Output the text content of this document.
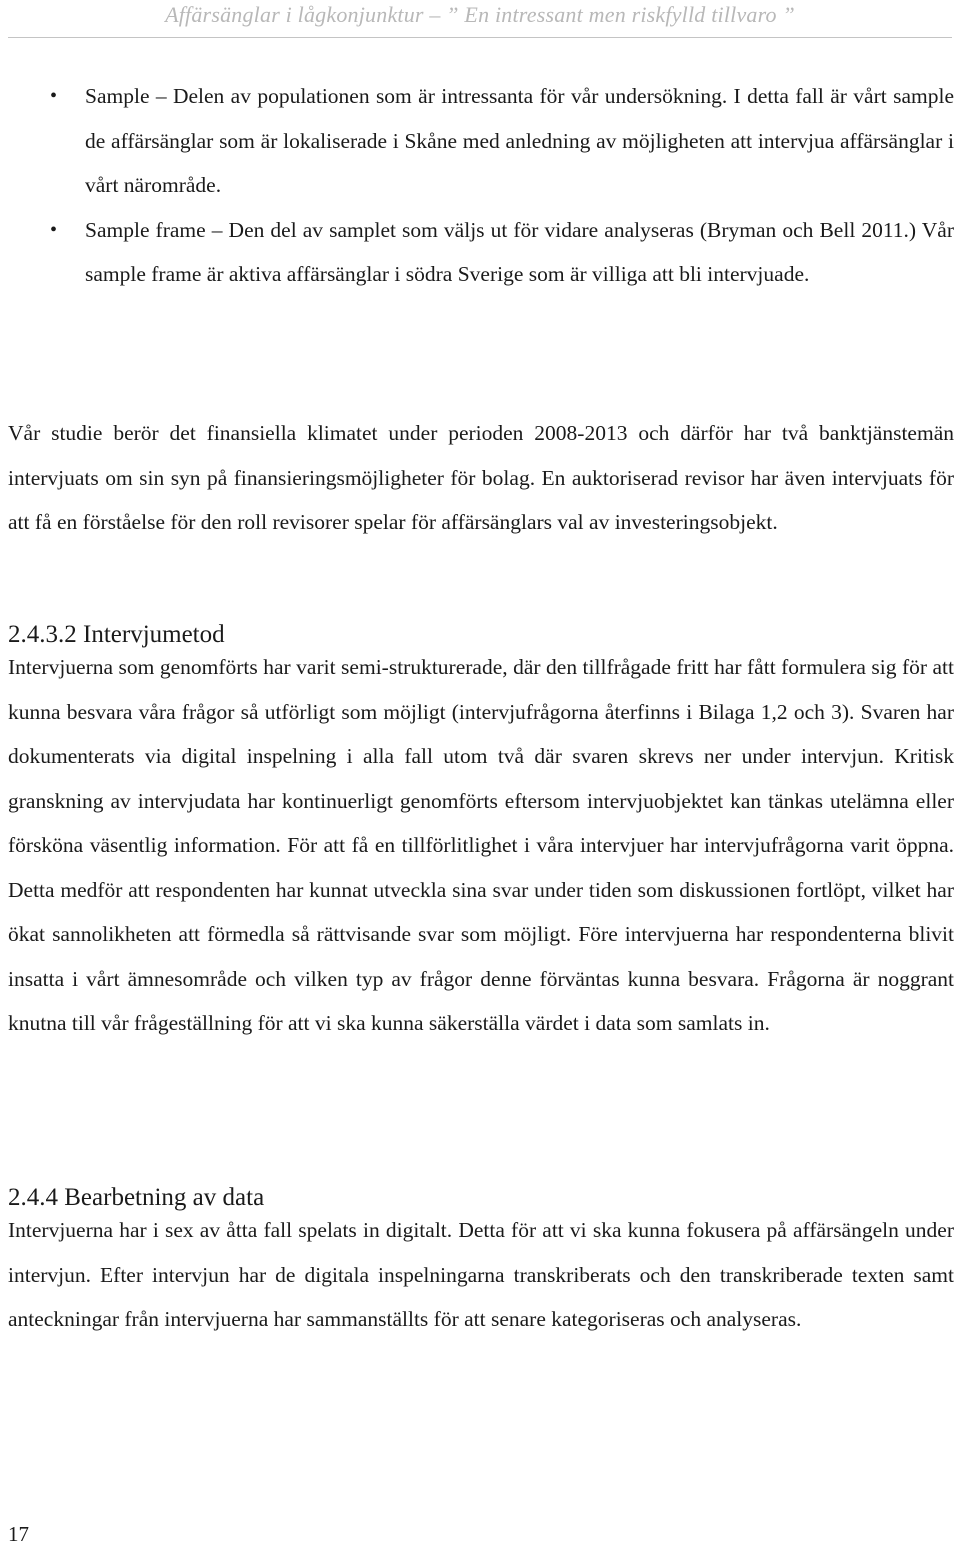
Affärsänglar i lågkonjunktur – ” En intressant men riskfylld tillvaro ”
• Sample – Delen av populationen som är intressanta för vår undersökning. I detta fall är vårt sample de affärsänglar som är lokaliserade i Skåne med anledning av möjligheten att intervjua affärsänglar i vårt närområde.
• Sample frame – Den del av samplet som väljs ut för vidare analyseras (Bryman och Bell 2011.) Vår sample frame är aktiva affärsänglar i södra Sverige som är villiga att bli intervjuade.

Vår studie berör det finansiella klimatet under perioden 2008-2013 och därför har två banktjänstemän intervjuats om sin syn på finansieringsmöjligheter för bolag. En auktoriserad revisor har även intervjuats för att få en förståelse för den roll revisorer spelar för affärsänglars val av investeringsobjekt.

2.4.3.2 Intervjumetod

Intervjuerna som genomförts har varit semi-strukturerade, där den tillfrågade fritt har fått formulera sig för att kunna besvara våra frågor så utförligt som möjligt (intervjufrågorna återfinns i Bilaga 1,2 och 3). Svaren har dokumenterats via digital inspelning i alla fall utom två där svaren skrevs ner under intervjun. Kritisk granskning av intervjudata har kontinuerligt genomförts eftersom intervjuobjektet kan tänkas utelämna eller försköna väsentlig information. För att få en tillförlitlighet i våra intervjuer har intervjufrågorna varit öppna. Detta medför att respondenten har kunnat utveckla sina svar under tiden som diskussionen fortlöpt, vilket har ökat sannolikheten att förmedla så rättvisande svar som möjligt. Före intervjuerna har respondenterna blivit insatta i vårt ämnesområde och vilken typ av frågor denne förväntas kunna besvara. Frågorna är noggrant knutna till vår frågeställning för att vi ska kunna säkerställa värdet i data som samlats in.

2.4.4 Bearbetning av data

Intervjuerna har i sex av åtta fall spelats in digitalt. Detta för att vi ska kunna fokusera på affärsängeln under intervjun. Efter intervjun har de digitala inspelningarna transkriberats och den transkriberade texten samt anteckningar från intervjuerna har sammanställts för att senare kategoriseras och analyseras.

17
